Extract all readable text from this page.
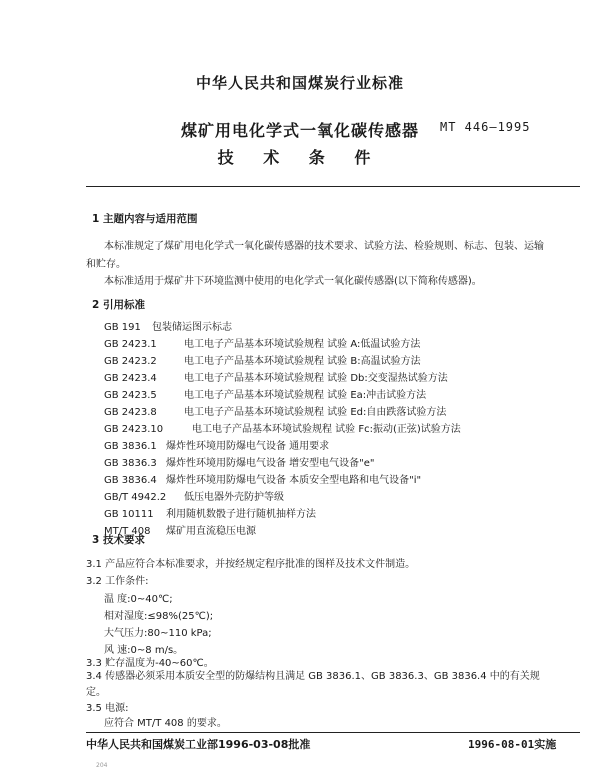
中华人民共和国煤炭行业标准
煤矿用电化学式一氧化碳传感器
技 术 条 件
MT 446—1995
1 主题内容与适用范围
本标准规定了煤矿用电化学式一氧化碳传感器的技术要求、试验方法、检验规则、标志、包装、运输
和贮存。
本标准适用于煤矿井下环境监测中使用的电化学式一氧化碳传感器(以下简称传感器)。
2 引用标准
GB 191 包装储运图示标志
GB 2423.1	电工电子产品基本环境试验规程 试验 A:低温试验方法
GB 2423.2	电工电子产品基本环境试验规程 试验 B:高温试验方法
GB 2423.4	电工电子产品基本环境试验规程 试验 Db:交变湿热试验方法
GB 2423.5	电工电子产品基本环境试验规程 试验 Ea:冲击试验方法
GB 2423.8	电工电子产品基本环境试验规程 试验 Ed:自由跌落试验方法
GB 2423.10	电工电子产品基本环境试验规程 试验 Fc:振动(正弦)试验方法
GB 3836.1 爆炸性环境用防爆电气设备 通用要求
GB 3836.3 爆炸性环境用防爆电气设备 增安型电气设备"e"
GB 3836.4 爆炸性环境用防爆电气设备 本质安全型电路和电气设备"i"
GB/T 4942.2 低压电器外壳防护等级
GB 10111 利用随机数骰子进行随机抽样方法
MT/T 408 煤矿用直流稳压电源
3 技术要求
3.1 产品应符合本标准要求，并按经规定程序批准的图样及技术文件制造。
3.2 工作条件:
温 度:0~40℃;
相对湿度:≤98%(25℃);
大气压力:80~110 kPa;
风 速:0~8 m/s。
3.3 贮存温度为-40~60℃。
3.4 传感器必须采用本质安全型的防爆结构且满足 GB 3836.1、GB 3836.3、GB 3836.4 中的有关规
定。
3.5 电源:
应符合 MT/T 408 的要求。
中华人民共和国煤炭工业部1996-03-08批准	1996-08-01实施
204
